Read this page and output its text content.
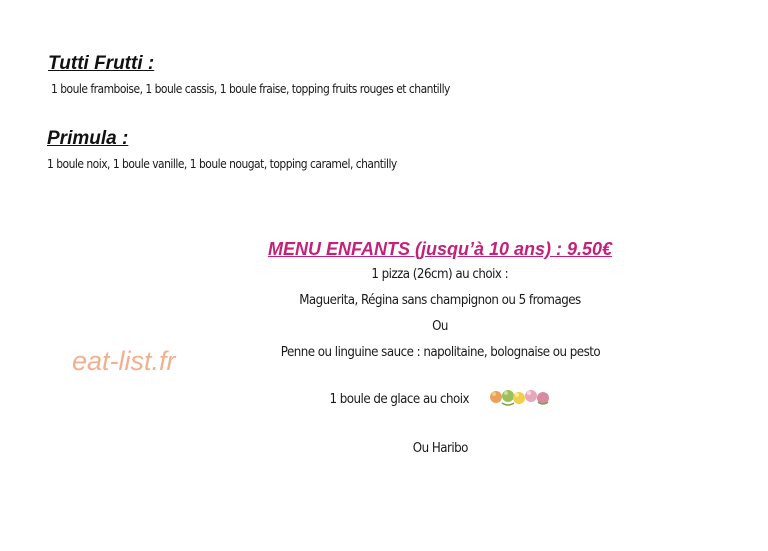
Tutti Frutti :
1 boule framboise, 1 boule cassis, 1 boule fraise, topping fruits rouges et chantilly
Primula :
1 boule noix, 1 boule vanille, 1 boule nougat, topping caramel, chantilly
MENU ENFANTS (jusqu’à 10 ans) : 9.50€
1 pizza (26cm) au choix :
Maguerita, Régina sans champignon ou 5 fromages
Ou
Penne ou linguine sauce : napolitaine, bolognaise ou pesto
1 boule de glace au choix
Ou Haribo
eat-list.fr
